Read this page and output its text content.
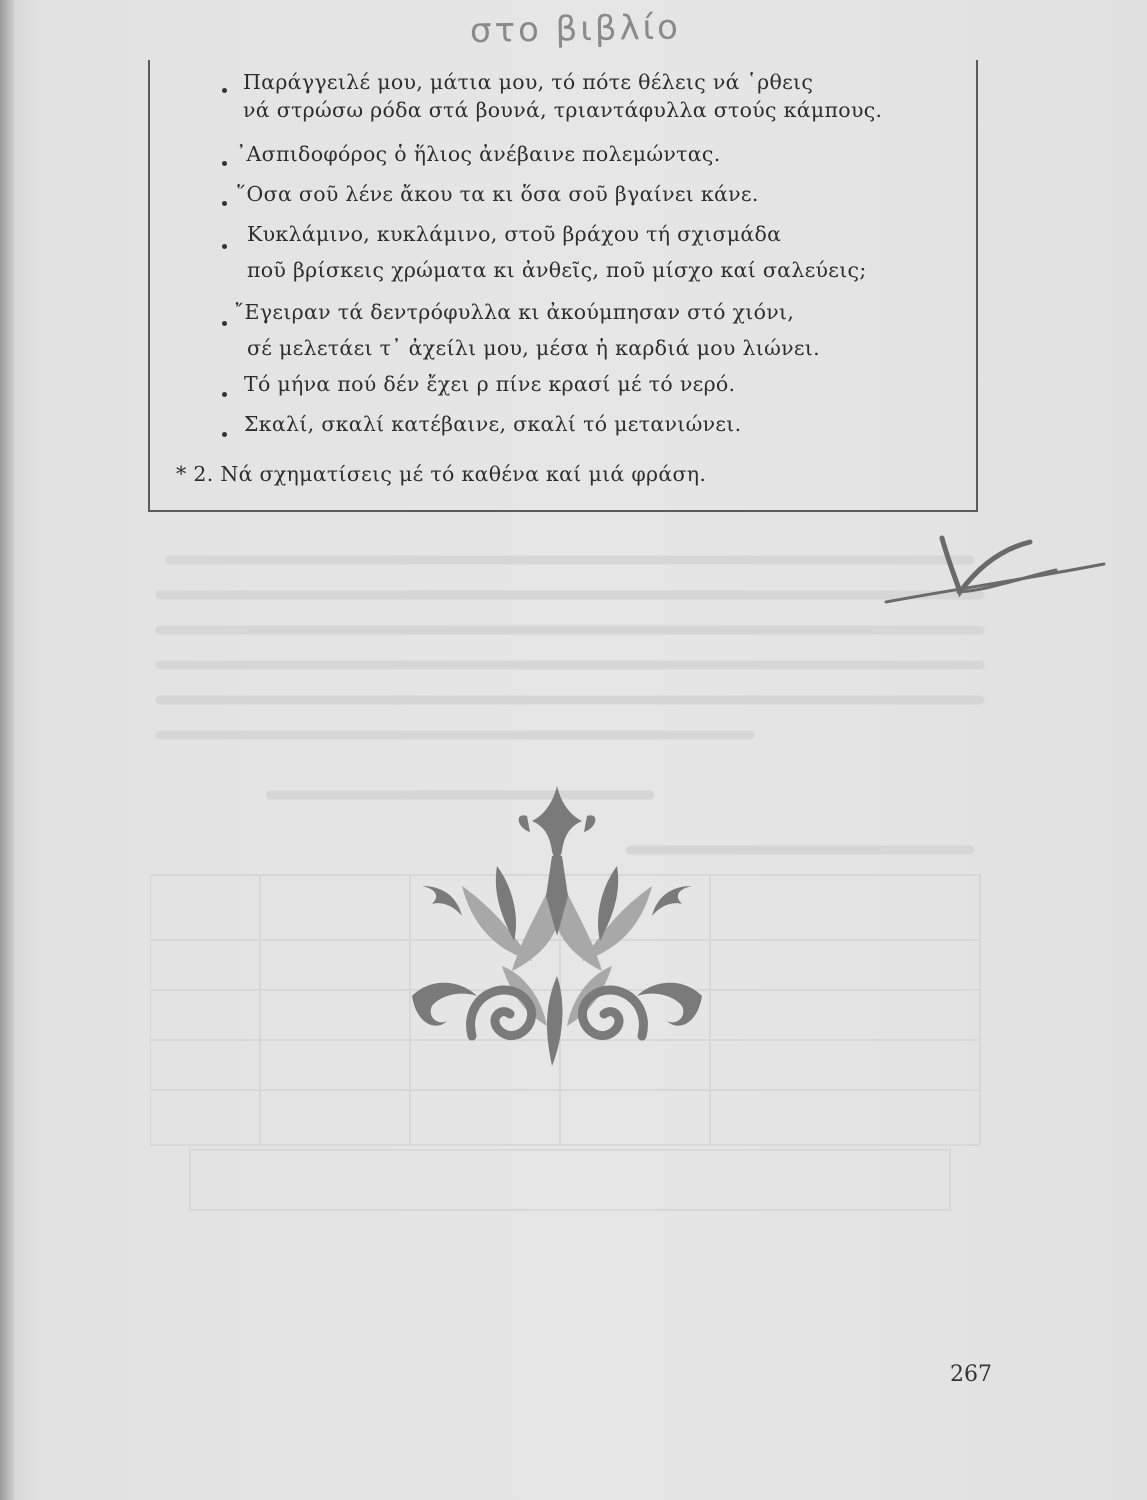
στο βιβλίο
Παράγγειλέ μου, μάτια μου, τό πότε θέλεις νά ῾ρθεις
νά στρώσω ρόδα στά βουνά, τριαντάφυλλα στούς κάμπους.
᾿Ασπιδοφόρος ὁ ἥλιος ἀνέβαινε πολεμώντας.
῞Οσα σοῦ λένε ἄκου τα κι ὅσα σοῦ βγαίνει κάνε.
Κυκλάμινο, κυκλάμινο, στοῦ βράχου τή σχισμάδα
ποῦ βρίσκεις χρώματα κι ἀνθεῖς, ποῦ μίσχο καί σαλεύεις;
῎Εγειραν τά δεντρόφυλλα κι ἀκούμπησαν στό χιόνι,
σέ μελετάει τ᾿ ἀχείλι μου, μέσα ἡ καρδιά μου λιώνει.
Τό μήνα πού δέν ἔχει ρ πίνε κρασί μέ τό νερό.
Σκαλί, σκαλί κατέβαινε, σκαλί τό μετανιώνει.
* 2. Νά σχηματίσεις μέ τό καθένα καί μιά φράση.
267
